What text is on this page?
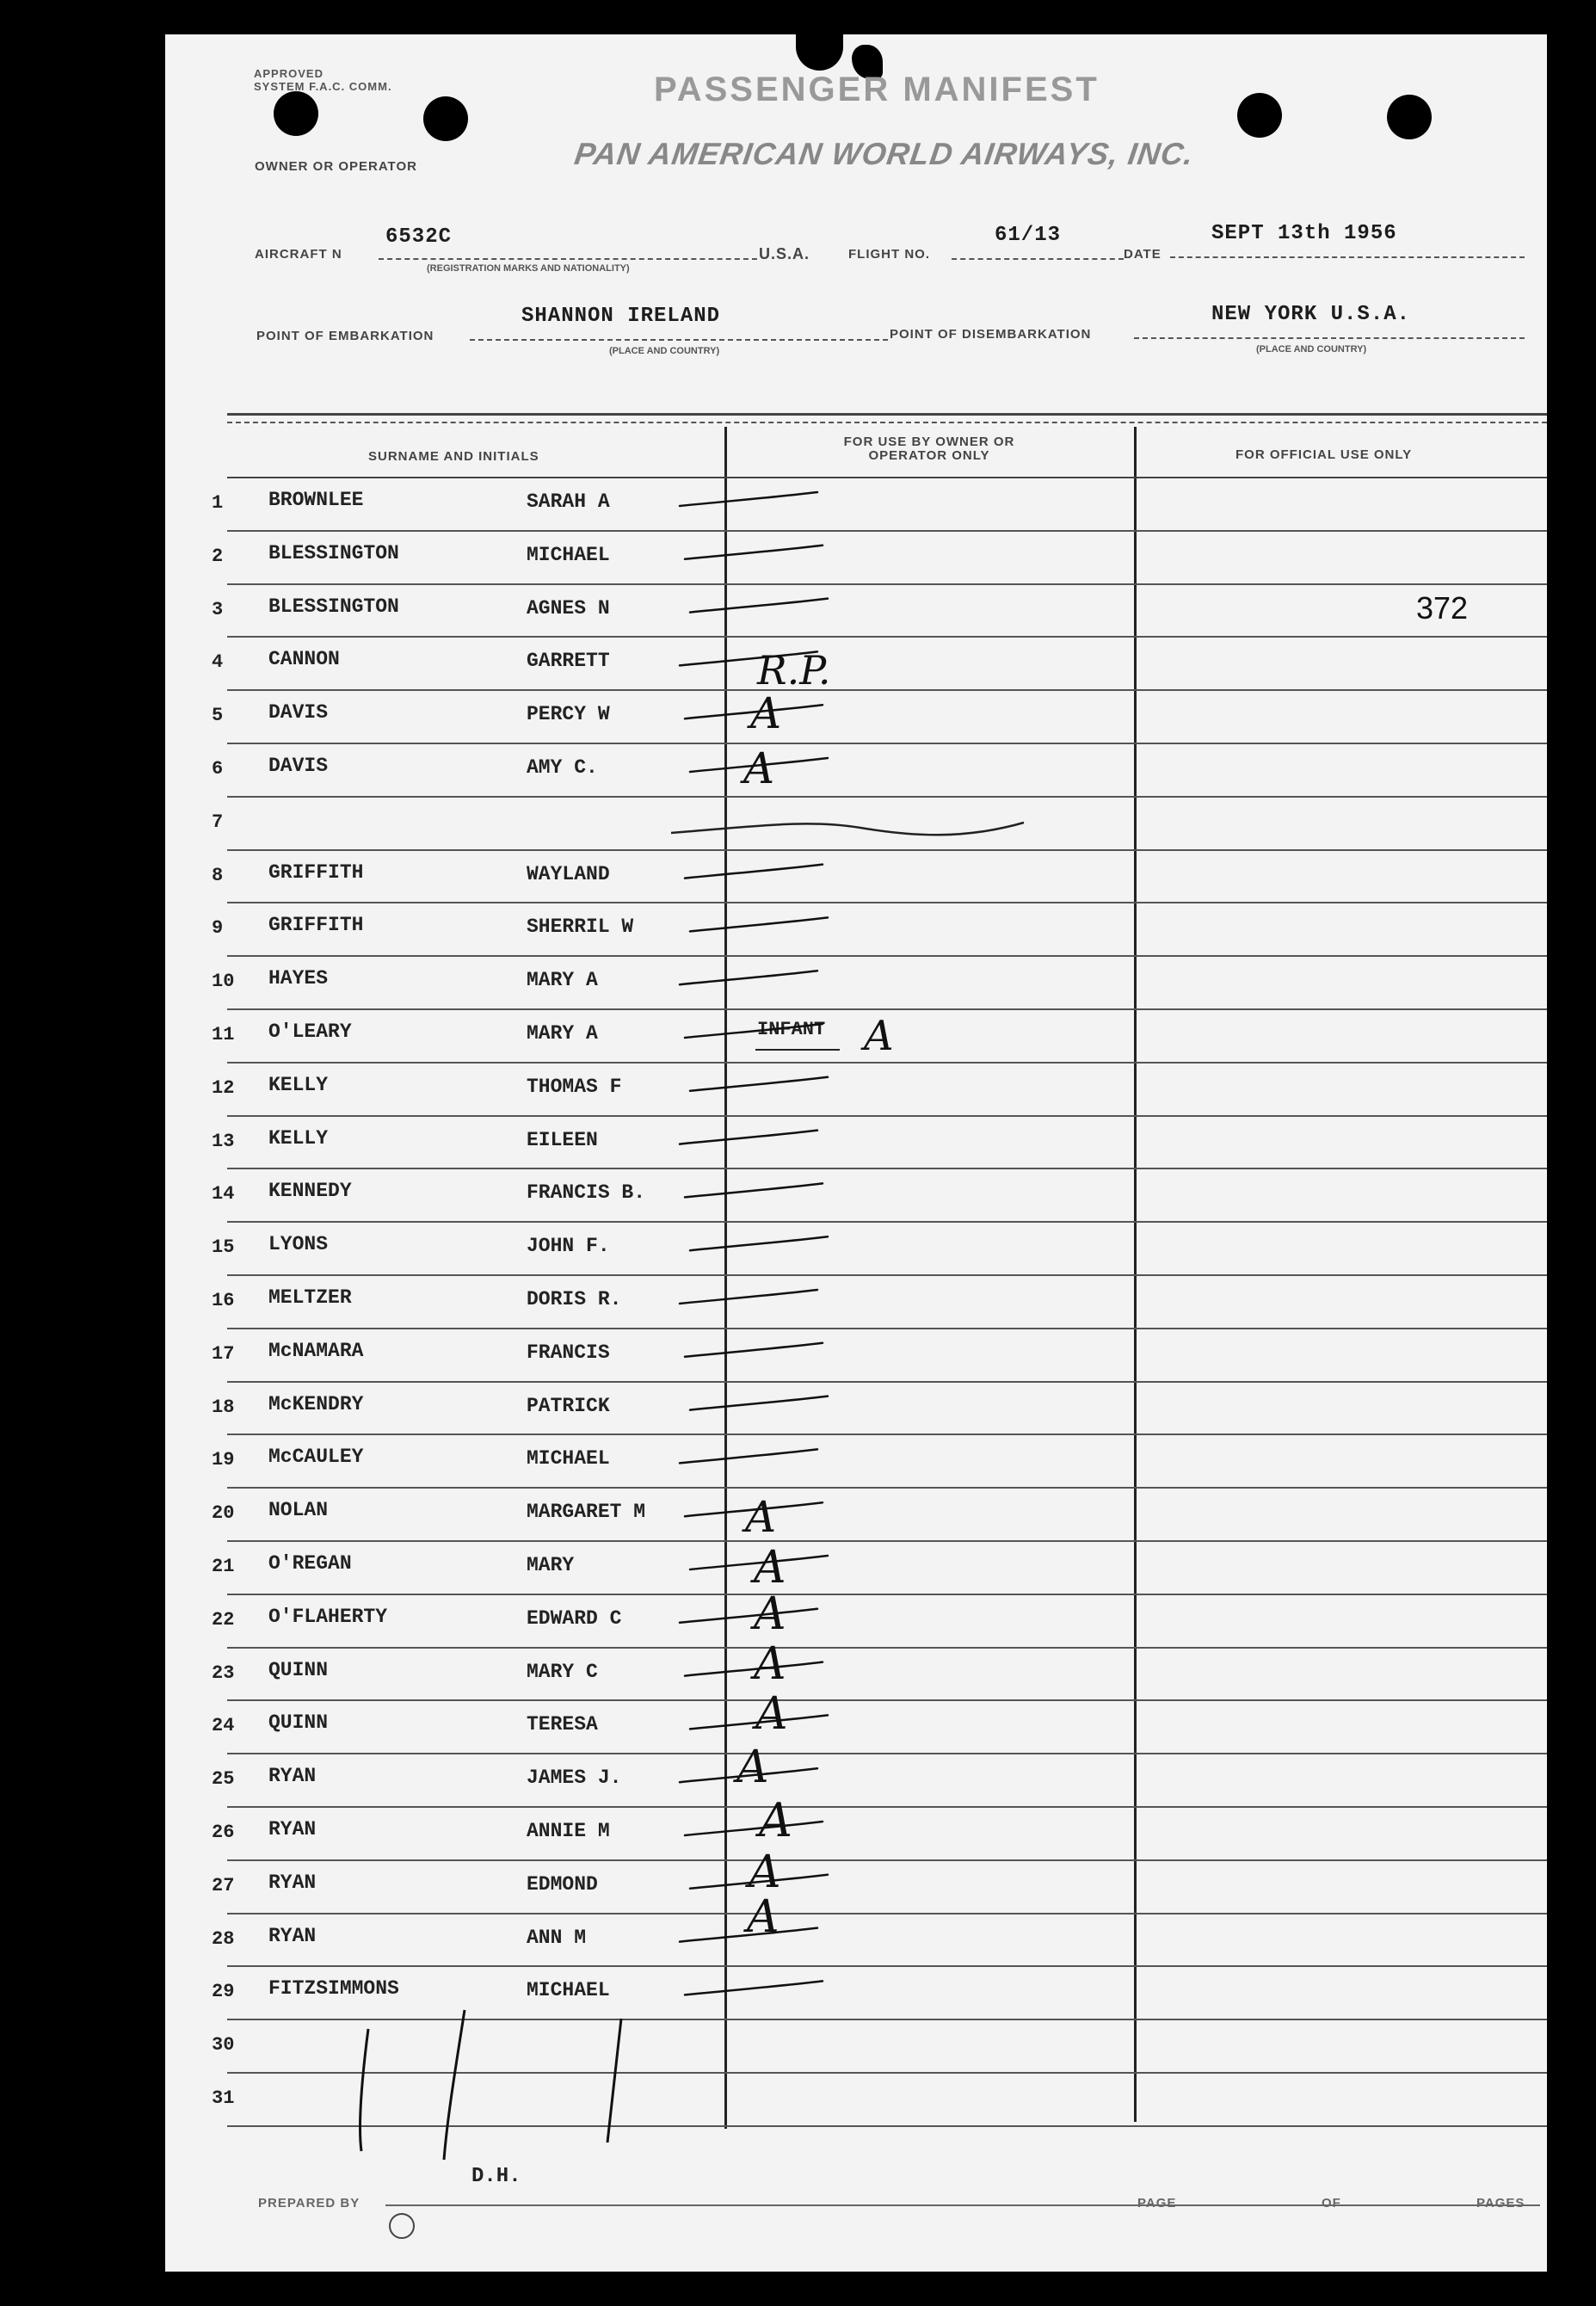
APPROVED
SYSTEM F.A.C. COMM.	PASSENGER MANIFEST
PAN AMERICAN WORLD AIRWAYS, INC.
OWNER OR OPERATOR
AIRCRAFT N
6532C
(REGISTRATION MARKS AND NATIONALITY)
U.S.A.	FLIGHT NO.
61/13
DATE
SEPT 13th 1956
POINT OF EMBARKATION
SHANNON IRELAND
(PLACE AND COUNTRY)
POINT OF DISEMBARKATION
NEW YORK U.S.A.
(PLACE AND COUNTRY)
SURNAME AND INITIALS
FOR USE BY OWNER OR OPERATOR ONLY	FOR OFFICIAL USE ONLY
1 BROWNLEE	SARAH A
2 BLESSINGTON	MICHAEL
3 BLESSINGTON	AGNES N	372
4 CANNON	GARRETT
5 DAVIS	PERCY W
6 DAVIS	AMY C.
7
8 GRIFFITH	WAYLAND
9 GRIFFITH	SHERRIL W
10 HAYES	MARY A
11 O'LEARY	MARY A	INFANT
12 KELLY	THOMAS F
13 KELLY	EILEEN
14 KENNEDY	FRANCIS B.
15 LYONS	JOHN F.
16 MELTZER	DORIS R.
17 McNAMARA	FRANCIS
18 McKENDRY	PATRICK
19 McCAULEY	MICHAEL
20 NOLAN	MARGARET M
21 O'REGAN	MARY
22 O'FLAHERTY	EDWARD C
23 QUINN	MARY C
24 QUINN	TERESA
25 RYAN	JAMES J.
26 RYAN	ANNIE M
27 RYAN	EDMOND
28 RYAN	ANN M
29 FITZSIMMONS	MICHAEL
30
31
R.P.
A
A
A
A
A
A
A
A
A
A
A
A
D.H.
PREPARED BY	PAGE	OF	PAGES
